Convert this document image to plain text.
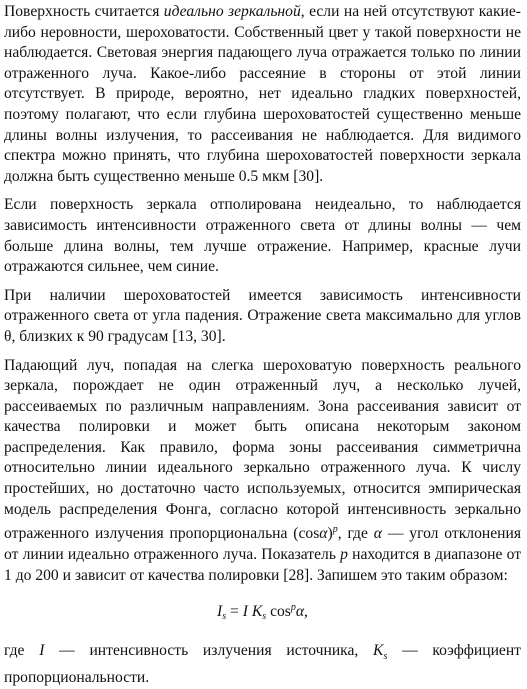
Поверхность считается идеально зеркальной, если на ней отсутствуют какие-либо неровности, шероховатости. Собственный цвет у такой поверхности не наблюдается. Световая энергия падающего луча отражается только по линии отраженного луча. Какое-либо рассеяние в стороны от этой линии отсутствует. В природе, вероятно, нет идеально гладких поверхностей, поэтому полагают, что если глубина шероховатостей существенно меньше длины волны излучения, то рассеивания не наблюдается. Для видимого спектра можно принять, что глубина шероховатостей поверхности зеркала должна быть существенно меньше 0.5 мкм [30].

Если поверхность зеркала отполирована неидеально, то наблюдается зависимость интенсивности отраженного света от длины волны — чем больше длина волны, тем лучше отражение. Например, красные лучи отражаются сильнее, чем синие.

При наличии шероховатостей имеется зависимость интенсивности отраженного света от угла падения. Отражение света максимально для углов θ, близких к 90 градусам [13, 30].

Падающий луч, попадая на слегка шероховатую поверхность реального зеркала, порождает не один отраженный луч, а несколько лучей, рассеиваемых по различным направлениям. Зона рассеивания зависит от качества полировки и может быть описана некоторым законом распределения. Как правило, форма зоны рассеивания симметрична относительно линии идеального зеркально отраженного луча. К числу простейших, но достаточно часто используемых, относится эмпирическая модель распределения Фонга, согласно которой интенсивность зеркально отраженного излучения пропорциональна $(\cos\alpha)^p$, где α — угол отклонения от линии идеально отраженного луча. Показатель p находится в диапазоне от 1 до 200 и зависит от качества полировки [28]. Запишем это таким образом:

$I_s = I$ $K_s$ $\cos^p\alpha$,

где I — интенсивность излучения источника, $K_s$ — коэффициент пропорциональности.
